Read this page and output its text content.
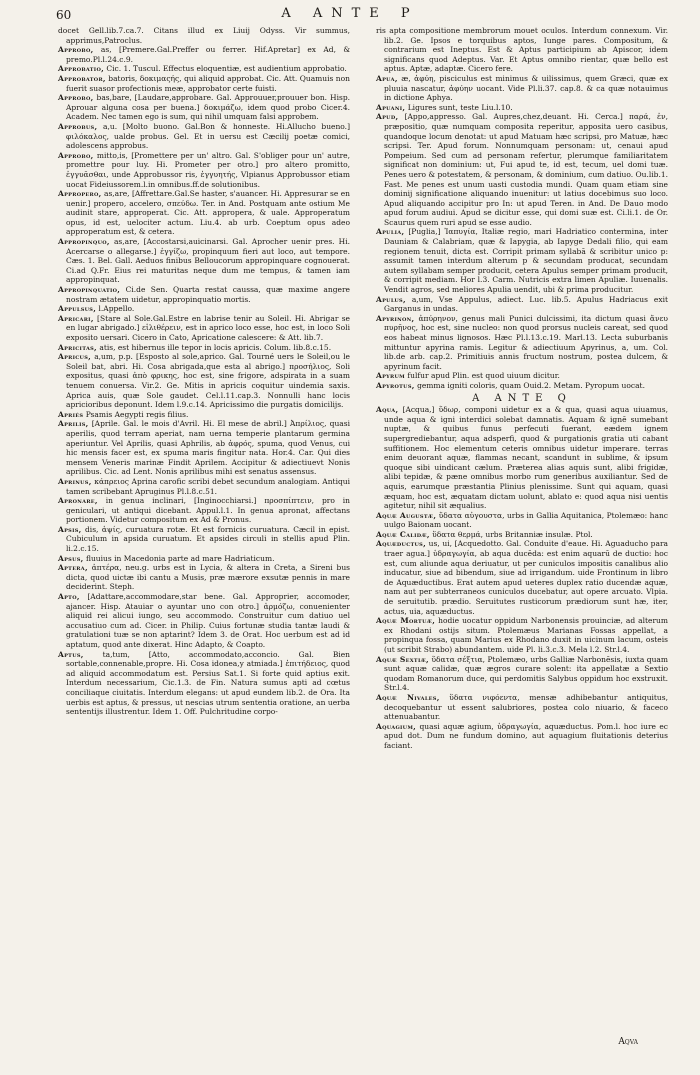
60	A ANTE P
docet Gell.lib.7.ca.7. Citans illud ex Liuij Odyss. Vir summus, apprimus,Patroclus.
Approbo, as, [Premere.Gal.Preffer ou ferrer. Hif.Apretar] ex Ad, & premo.Pl.l.24.c.9.
Approbatio, Cic. 1. Tuscul. Effectus eloquentiæ, est audientium approbatio.
Approbator, batoris, δοκιμαςής, qui aliquid approbat. Cic. Att. Quamuis non fuerit suasor profectionis meæ, approbator certe fuisti.
Approbo, bas,bare, [Laudare,approbare. Gal. Approuuer,prouuer bon. Hisp. Aprouar alguna cosa per buena.] δοκιμάζω, idem quod probo Cicer.4. Academ. Nec tamen ego is sum, qui nihil umquam falsi approbem.
Approbus, a,u. [Molto buono. Gal.Bon & honneste. Hi.Allucho bueno.] φιλόκαλος, ualde probus. Gel. Et in uersu est Cæcilij poetæ comici, adolescens approbus.
Approbo, mitto,is, [Promettere per un' altro. Gal. S'obliger pour un' autre, promettre pour luy. Hi. Prometer per otro.] pro altero promitto, ἐγγυᾶσθαι, unde Approbussor ris, ἐγγυητής, Vlpianus Approbussor etiam uocat Fideiussorem.l.in omnibus.ff.de solutionibus.
Appropero, as,are, [Affrettare.Gal.Se haster, s'auancer. Hi. Appresurar se en uenir.] propero, accelero, σπεύδω. Ter. in And. Postquam ante ostium Me audinit stare, approperat. Cic. Att. appropera, & uale. Approperatum opus, id est, uelociter actum. Liu.4. ab urb. Coeptum opus adeo approperatum est, & cetera.
Appropinquo, as,are, [Accostarsi,auicinarsi. Gal. Aprocher uenir pres. Hi. Acercarse o allegarse.] ἐγγίζω, propinquum fieri aut loco, aut tempore. Cæs. 1. Bel. Gall. Aeduos finibus Belloucorum appropinquare cognouerat. Ci.ad Q.Fr. Eius rei maturitas neque dum me tempus, & tamen iam appropinquat.
Appropinquatio, Ci.de Sen. Quarta restat caussa, quæ maxime angere nostram ætatem uidetur, appropinquatio mortis.
Appulsus, l.Appello.
Apricari, [Stare al Sole.Gal.Estre en labrise tenir au Soleil. Hi. Abrigar se en lugar abrigado.] εἱλιθέρειν, est in aprico loco esse, hoc est, in loco Soli exposito uersari. Cicero in Cato, Apricatione calescere: & Att. lib.7.
Apricitas, atis, est hibernus ille tepor in locis apricis. Colum. lib.8.c.15.
Apricus, a,um, p.p. [Esposto al sole,aprico. Gal. Tourné uers le Soleil,ou le Soleil bat, abri. Hi. Cosa abrigada,que esta al abrigo.] προσήλιος, Soli expositus, quasi ἀπὸ φρικης, hoc est, sine frigore, adspirata in a suam tenuem conuersa. Vir.2. Ge. Mitis in apricis coquitur uindemia saxis. Aprica auis, quæ Sole gaudet. Cel.l.11.cap.3. Nonnulli hanc locis apricioribus deponunt. Idem l.9.c.14. Apricissimo die purgatis domicilijs.
Apriés Psamis Aegypti regis filius.
Aprilis, [Aprile. Gal. le mois d'Avril. Hi. El mese de abril.] Ἀπρίλιος, quasi aperilis, quod terram aperiat, nam uerna temperie plantarum germina aperiuntur. Vel Aprilis, quasi Aphrilis, ab ἀφρός, spuma, quod Venus, cui hic mensis facer est, ex spuma maris fingitur nata. Hor.4. Car. Qui dies mensem Veneris marinæ Findit Aprilem. Accipitur & adiectiuevt Nonis aprilibus. Cic. ad Lent. Nonis aprilibus mihi est senatus assensus.
Aprinus, κάπρειος Aprina carofic scribi debet secundum analogiam. Antiqui tamen scribebant Apruginus Pl.l.8.c.51.
Apronare, in genua inclinari, [Inginocchiarsi.] προσπίπτειν, pro in geniculari, ut antiqui dicebant. Appul.l.1. In genua apronat, affectans portionem. Videtur compositum ex Ad & Pronus.
Apsis, dis, ἁψίς, curuatura rotæ. Et est fornicis curuatura. Cæcil in epist. Cubiculum in apsida curuatum. Et apsides circuli in stellis apud Plin. li.2.c.15.
Apsus, fluuius in Macedonia parte ad mare Hadriaticum.
Aptera, ἀπτέρα, neu.g. urbs est in Lycia, & altera in Creta, a Sireni bus dicta, quod uictæ ibi cantu a Musis, præ mærore exsutæ pennis in mare deciderint. Steph.
Apto, [Adattare,accommodare,star bene. Gal. Approprier, accomoder, ajancer. Hisp. Atauiar o ayuntar uno con otro.] ἁρμόζω, conuenienter aliquid rei alicui iungo, seu accommodo. Construitur cum datiuo uel accusatiuo cum ad. Cicer. in Philip. Cuius fortunæ studia tantæ laudi & gratulationi tuæ se non aptarint? Idem 3. de Orat. Hoc uerbum est ad id aptatum, quod ante dixerat. Hinc Adapto, & Coapto.
Aptus,	ta,tum, [Atto, accommodato,acconcio. Gal. Bien sortable,connenable,propre. Hi. Cosa idonea,y atmiada.] ἐπιτήδειος, quod ad aliquid accommodatum est. Persius Sat.1. Si forte quid aptius exit. Interdum necessarium, Cic.1.3. de Fin. Natura sumus apti ad cœtus conciliaque ciuitatis. Interdum elegans: ut apud eundem lib.2. de Ora. Ita uerbis est aptus, & pressus, ut nescias utrum sententia oratione, an uerba sententijs illustrentur. Idem 1. Off. Pulchritudine corpo-
ris apta compositione membrorum mouet oculos. Interdum connexum. Vir. lib.2. Ge. Ipsos e torquibus aptos, Iunge pares. Compositum, & contrarium est Ineptus. Est & Aptus participium ab Apiscor, idem significans quod Adeptus. Var. Et Aptus omnibo rientar, quæ bello est aptus. Aptæ, adaptæ. Cicero fere.
Apua, æ, ἀφύη, pisciculus est minimus & uilissimus, quem Græci, quæ ex pluuia nascatur, ἀφύην uocant. Vide Pl.li.37. cap.8. & ca quæ notauimus in dictione Aphya.
Apuani, Ligures sunt, teste Liu.l.10.
Apud, [Appo,appresso. Gal. Aupres,chez,deuant. Hi. Cerca.] παρά, ἐν, præpositio, quæ numquam composita reperitur, apposita uero casibus, quandoque locum denotat: ut apud Matuam hæc scripsi, pro Matuæ, hæc scripsi. Ter. Apud forum. Nonnumquam personam: ut, cenaui apud Pompeium. Sed cum ad personam refertur, plerumque familiaritatem significat non dominium: ut, Fui apud te, id est, tecum, uel domi tuæ. Penes uero & potestatem, & personam, & dominium, cum datiuo. Ou.lib.1. Fast. Me penes est unum uasti custodia mundi. Quam quam etiam sine dominij significatione aliquando inuenitur: ut latius docebimus suo loco. Apud aliquando accipitur pro In: ut apud Teren. in And. De Dauo modo apud forum audiui. Apud se dicitur esse, qui domi suæ est. Ci.li.1. de Or. Scaurus quem ruri apud se esse audio.
Apulia, [Puglia,] Ἰαπυγία, Italiæ regio, mari Hadriatico contermina, inter Dauniam & Calabriam, quæ & Iapygia, ab Iapyge Dedali filio, qui eam regionem tenuit, dicta est. Corripit primam syllabā & scribitur unico p: assumit tamen interdum alterum p & secundam producat, secundam autem syllabam semper producit, cetera Apulus semper primam producit, & corripit mediam. Hor l.3. Carm. Nutricis extra limen Apuliæ. Iuuenalis. Vendit agros, sed meliores Apulia uendit, ubi & prima producitur.
Apulus, a,um, Vse Appulus, adiect. Luc. lib.5. Apulus Hadriacus exit Garganus in undas.
Apyrinon, ἀπύρηνον, genus mali Punici dulcissimi, ita dictum quasi ἄνευ πυρῆνος, hoc est, sine nucleo: non quod prorsus nucleis careat, sed quod eos habeat minus lignosos. Hæc Pl.l.13.c.19. Marl.13. Lecta suburbanis mittuntur apyrina ramis. Legitur & adiectiuum Apyrinus, a, um. Col. lib.de arb. cap.2. Primitiuis annis fructum nostrum, postea dulcem, & apyrinum facit.
Apyrum fulfur apud Plin. est quod uiuum dicitur.
Apyrotus, gemma igniti coloris, quam Ouid.2. Metam. Pyropum uocat.
A ANTE Q
Aqua, [Acqua,] ὕδωρ, componi uidetur ex a & qua, quasi aqua uiuamus, unde aqua & igni interdici solebat damnatis. Aquam & ignē sumebant nuptæ, & quibus funus perfecuti fuerant, eædem ignem supergrediebantur, aqua adsperfi, quod & purgationis gratia uti cabant suffitionem. Hoc elementum ceteris omnibus uidetur imperare. terras enim deuorant aquæ, flammas necant, scandunt in sublime, & ipsum quoque sibi uindicant cælum. Præterea alias aquis sunt, alibi frigidæ, alibi tepidæ, & pæne omnibus morbo rum generibus auxiliantur. Sed de aquis, earumque præstantia Plinius plenissime. Sunt qui aquam, quasi æquam, hoc est, æquatam dictam uolunt, ablato e: quod aqua nisi uentis agitetur, nihil sit æqualius.
Aquæ Augustæ, ὕδατα αὐγουστα, urbs in Gallia Aquitanica, Ptolemæo: hanc uulgo Baionam uocant.
Aquæ Calidæ, ὕδατα θερμά, urbs Britanniæ insulæ. Ptol.
Aquæductus, us, ui, [Acquedotto. Gal. Conduite d'eaue. Hi. Aguaducho para traer agua.] ὑδραγωγία, ab aqua ducēda: est enim aquarū de ductio: hoc est, cum aliunde aqua deriuatur, ut per cuniculos impositis canalibus alio inducatur, siue ad bibendum, siue ad irrigandum. uide Frontinum in libro de Aquæductibus. Erat autem apud ueteres duplex ratio ducendæ aquæ, nam aut per subterraneos cuniculos ducebatur, aut opere arcuato. Vlpia. de seruitutib. prædio. Seruitutes rusticorum prædiorum sunt hæ, iter, actus, uia, aquæductus.
Aquæ Mortuæ, hodie uocatur oppidum Narbonensis prouinciæ, ad alterum ex Rhodani ostijs situm. Ptolemæus Marianas Fossas appellat, a propinqua fossa, quam Marius ex Rhodano duxit in uicinum lacum, osteis (ut scribit Strabo) abundantem. uide Pl. li.3.c.3. Mela l.2. Str.l.4.
Aquæ Sextiæ, ὕδατα σέξτια, Ptolemæo, urbs Galliæ Narbonēsis, iuxta quam sunt aquæ calidæ, quæ ægros curare solent: ita appellatæ a Sextio quodam Romanorum duce, qui perdomitis Salybus oppidum hoc exstruxit. Str.l.4.
Aquæ Nivales, ὕδατα νιφόεντα, mensæ adhibebantur antiquitus, decoquebantur ut essent salubriores, postea colo niuario, & faceco attenuabantur.
Aquagium, quasi aquæ agium, ὑδραγωγία, aquæductus. Pom.l. hoc iure ec apud dot. Dum ne fundum domino, aut aquagium fluitationis deterius faciant.
Aqva
